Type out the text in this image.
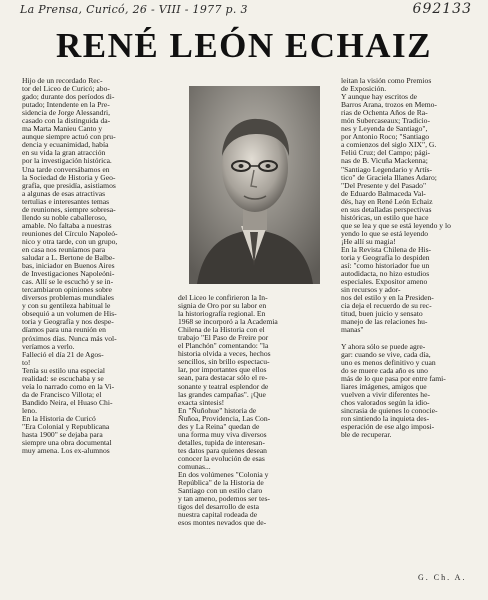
La Prensa, Curicó, 26 - VIII - 1977 p. 3	692133
RENÉ LEÓN ECHAIZ
Hijo de un recordado Rec-
tor del Liceo de Curicó; abo-
gado; durante dos períodos di-
putado; Intendente en la Pre-
sidencia de Jorge Alessandri,
casado con la distinguida da-
ma Marta Manieu Canto y
aunque siempre actuó con pru-
dencia y ecuanimidad, había
en su vida la gran atracción
por la investigación histórica.
Una tarde conversábamos en
la Sociedad de Historia y Geo-
grafía, que presidía, asistiamos
a algunas de esas atractivas
tertulias e interesantes temas
de reuniones, siempre sobresa-
llendo su noble caballeroso,
amable. No faltaba a nuestras
reuniones del Círculo Napoleó-
nico y otra tarde, con un grupo,
en casa nos reuníamos para
saludar a L. Bertone de Balbe-
bas, iniciador en Buenos Aires
de Investigaciones Napoleóni-
cas. Allí se le escuchó y se in-
tercambiaron opiniones sobre
diversos problemas mundiales
y con su gentileza habitual le
obsequió a un volumen de His-
toria y Geografía y nos despe-
díamos para una reunión en
próximos días. Nunca más vol-
veríamos a verlo.
Falleció el día 21 de Agos-
to!
Tenía su estilo una especial
realidad: se escuchaba y se
veía lo narrado como en la Vi-
da de Francisco Villota; el
Bandido Neira, el Huaso Chi-
leno.
En la Historia de Curicó
"Era Colonial y Republicana
hasta 1900" se dejaba para
siempre una obra documental
muy amena. Los ex-alumnos
del Liceo le confirieron la In-
signia de Oro por su labor en
la historiografía regional. En
1968 se incorporó a la Academia
Chilena de la Historia con el
trabajo "El Paso de Freire por
el Planchón" comentando: "la
historia olvida a veces, hechos
sencillos, sin brillo espectacu-
lar, por importantes que ellos
sean, para destacar sólo el re-
sonante y teatral esplendor de
las grandes campañas". ¡Que
exacta síntesis!
En "Ñuñohue" historia de
Ñuñoa, Providencia, Las Con-
des y La Reina" quedan de
una forma muy viva diversos
detalles, tupida de interesan-
tes datos para quienes desean
conocer la evolución de esas
comunas...
En dos volúmenes "Colonia y
República" de la Historia de
Santiago con un estilo claro
y tan ameno, podemos ser tes-
tigos del desarrollo de esta
nuestra capital rodeada de
esos montes nevados que de-
leitan la visión como Premios
de Exposición.
Y aunque hay escritos de
Barros Arana, trozos en Memo-
rias de Ochenta Años de Ra-
món Subercaseaux; Tradicio-
nes y Leyenda de Santiago",
por Antonio Roco; "Santiago
a comienzos del siglo XIX", G.
Feliú Cruz; del Campo; pági-
nas de B. Vicuña Mackenna;
"Santiago Legendario y Artís-
tico" de Graciela Illanes Adaro;
"Del Presente y del Pasado"
de Eduardo Balmaceda Val-
dés, hay en René León Echaiz
en sus detalladas perspectivas
históricas, un estilo que hace
que se lea y que se está leyendo y lo
yendo lo que se está leyendo
¡He allí su magia!
En la Revista Chilena de His-
toria y Geografía lo despiden
así: "como historiador fue un
autodidacta, no hizo estudios
especiales. Expositor ameno
sin recursos y ador-
nos del estilo y en la Presiden-
cia deja el recuerdo de su rec-
titud, buen juicio y sensato
manejo de las relaciones hu-
manas"

Y ahora sólo se puede agre-
gar: cuando se vive, cada día,
uno es menos definitivo y cuan
do se muere cada año es uno
más de lo que pasa por entre fami-
liares imágenes, amigos que
vuelven a vivir diferentes he-
chos valorados según la idio-
sincrasia de quienes lo conocie-
ron sintiendo la inquieta des-
esperación de ese algo imposi-
ble de recuperar.
G. Ch. A.
